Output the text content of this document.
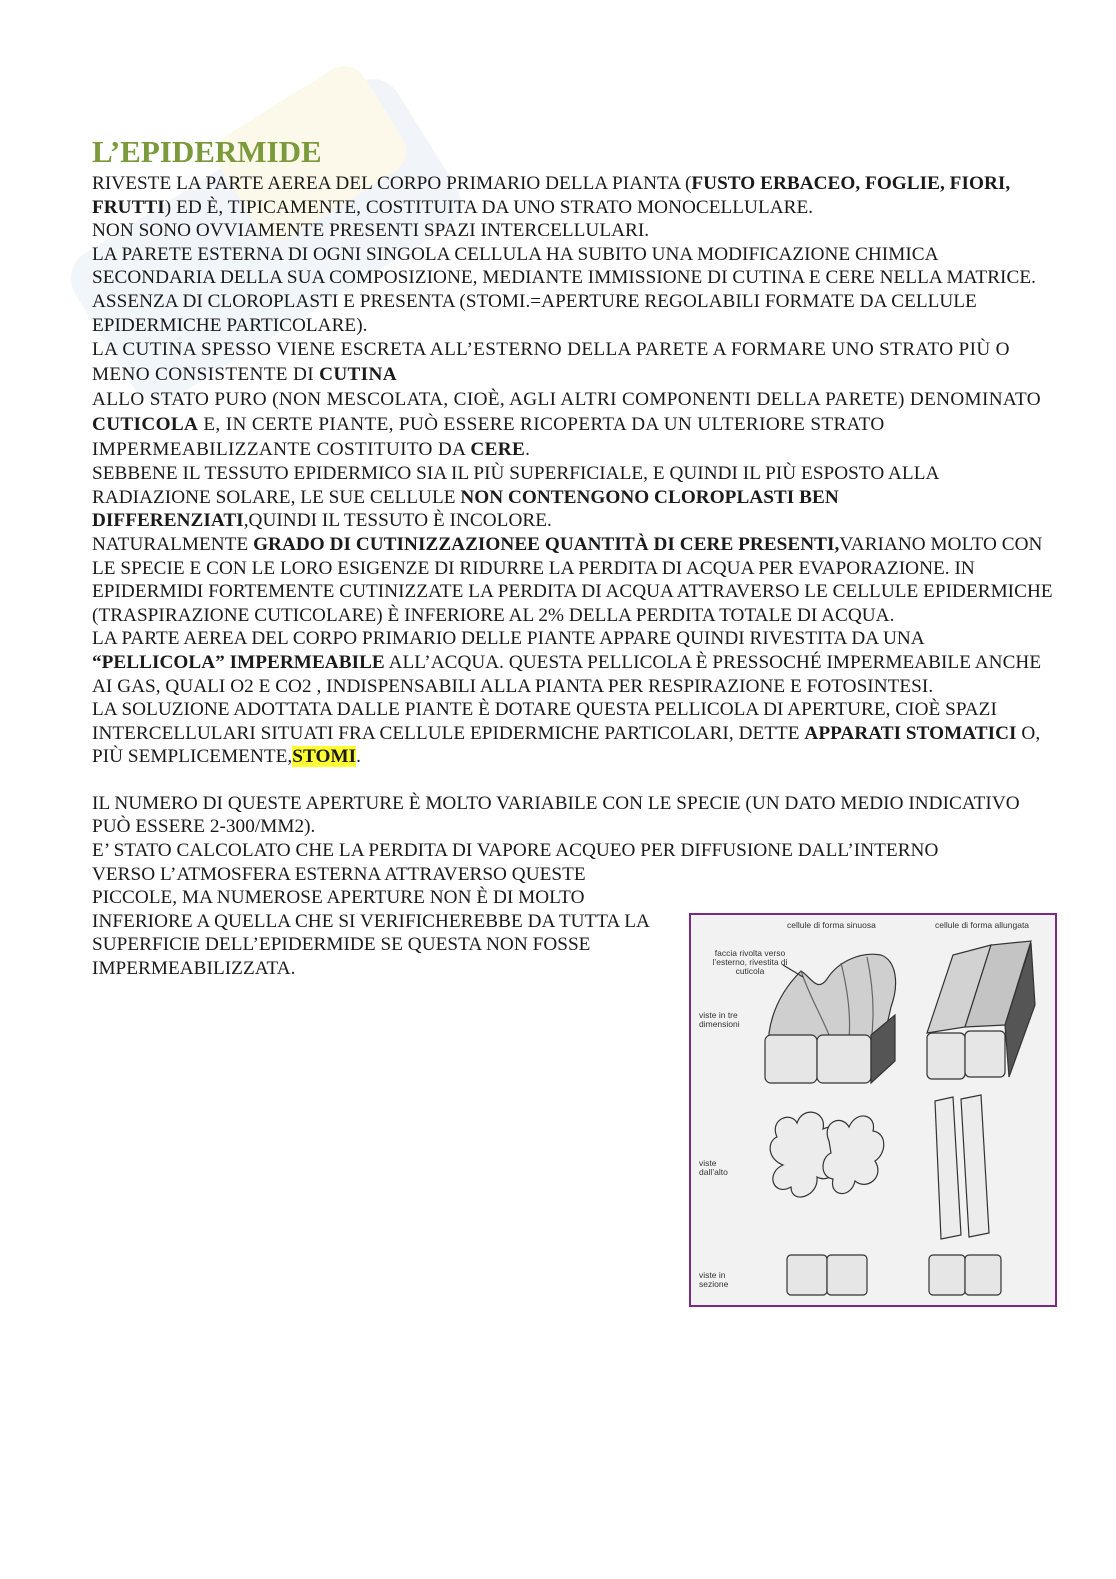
L’EPIDERMIDE

RIVESTE LA PARTE AEREA DEL CORPO PRIMARIO DELLA PIANTA (FUSTO ERBACEO, FOGLIE, FIORI, FRUTTI) ED È, TIPICAMENTE, COSTITUITA DA UNO STRATO MONOCELLULARE.

NON SONO OVVIAMENTE PRESENTI SPAZI INTERCELLULARI.

LA PARETE ESTERNA DI OGNI SINGOLA CELLULA HA SUBITO UNA MODIFICAZIONE CHIMICA SECONDARIA DELLA SUA COMPOSIZIONE, MEDIANTE IMMISSIONE DI CUTINA E CERE NELLA MATRICE. ASSENZA DI CLOROPLASTI E PRESENTA (STOMI.=APERTURE REGOLABILI FORMATE DA CELLULE EPIDERMICHE PARTICOLARE).

LA CUTINA SPESSO VIENE ESCRETA ALL’ESTERNO DELLA PARETE A FORMARE UNO STRATO PIÙ O MENO CONSISTENTE DI CUTINA
ALLO STATO PURO (NON MESCOLATA, CIOÈ, AGLI ALTRI COMPONENTI DELLA PARETE) DENOMINATO CUTICOLA E, IN CERTE PIANTE, PUÒ ESSERE RICOPERTA DA UN ULTERIORE STRATO IMPERMEABILIZZANTE COSTITUITO DA CERE.

SEBBENE IL TESSUTO EPIDERMICO SIA IL PIÙ SUPERFICIALE, E QUINDI IL PIÙ ESPOSTO ALLA RADIAZIONE SOLARE, LE SUE CELLULE NON CONTENGONO CLOROPLASTI BEN DIFFERENZIATI,QUINDI IL TESSUTO È INCOLORE.

NATURALMENTE GRADO DI CUTINIZZAZIONEE QUANTITÀ DI CERE PRESENTI,VARIANO MOLTO CON LE SPECIE E CON LE LORO ESIGENZE DI RIDURRE LA PERDITA DI ACQUA PER EVAPORAZIONE. IN EPIDERMIDI FORTEMENTE CUTINIZZATE LA PERDITA DI ACQUA ATTRAVERSO LE CELLULE EPIDERMICHE (TRASPIRAZIONE CUTICOLARE) È INFERIORE AL 2% DELLA PERDITA TOTALE DI ACQUA.

LA PARTE AEREA DEL CORPO PRIMARIO DELLE PIANTE APPARE QUINDI RIVESTITA DA UNA “PELLICOLA” IMPERMEABILE ALL’ACQUA. QUESTA PELLICOLA È PRESSOCHÉ IMPERMEABILE ANCHE AI GAS, QUALI O2 E CO2 , INDISPENSABILI ALLA PIANTA PER RESPIRAZIONE E FOTOSINTESI.

LA SOLUZIONE ADOTTATA DALLE PIANTE È DOTARE QUESTA PELLICOLA DI APERTURE, CIOÈ SPAZI INTERCELLULARI SITUATI FRA CELLULE EPIDERMICHE PARTICOLARI, DETTE APPARATI STOMATICI O, PIÙ SEMPLICEMENTE,STOMI.

IL NUMERO DI QUESTE APERTURE È MOLTO VARIABILE CON LE SPECIE (UN DATO MEDIO INDICATIVO PUÒ ESSERE 2-300/MM2).

E’ STATO CALCOLATO CHE LA PERDITA DI VAPORE ACQUEO PER DIFFUSIONE DALL’INTERNO

VERSO L’ATMOSFERA ESTERNA ATTRAVERSO QUESTE PICCOLE, MA NUMEROSE APERTURE NON È DI MOLTO INFERIORE A QUELLA CHE SI VERIFICHEREBBE DA TUTTA LA SUPERFICIE DELL’EPIDERMIDE SE QUESTA NON FOSSE IMPERMEABILIZZATA.

cellule di forma sinuosa	cellule di forma allungata
faccia rivolta verso l’esterno, rivestita di cuticola
viste in tre dimensioni
viste dall’alto
viste in sezione
